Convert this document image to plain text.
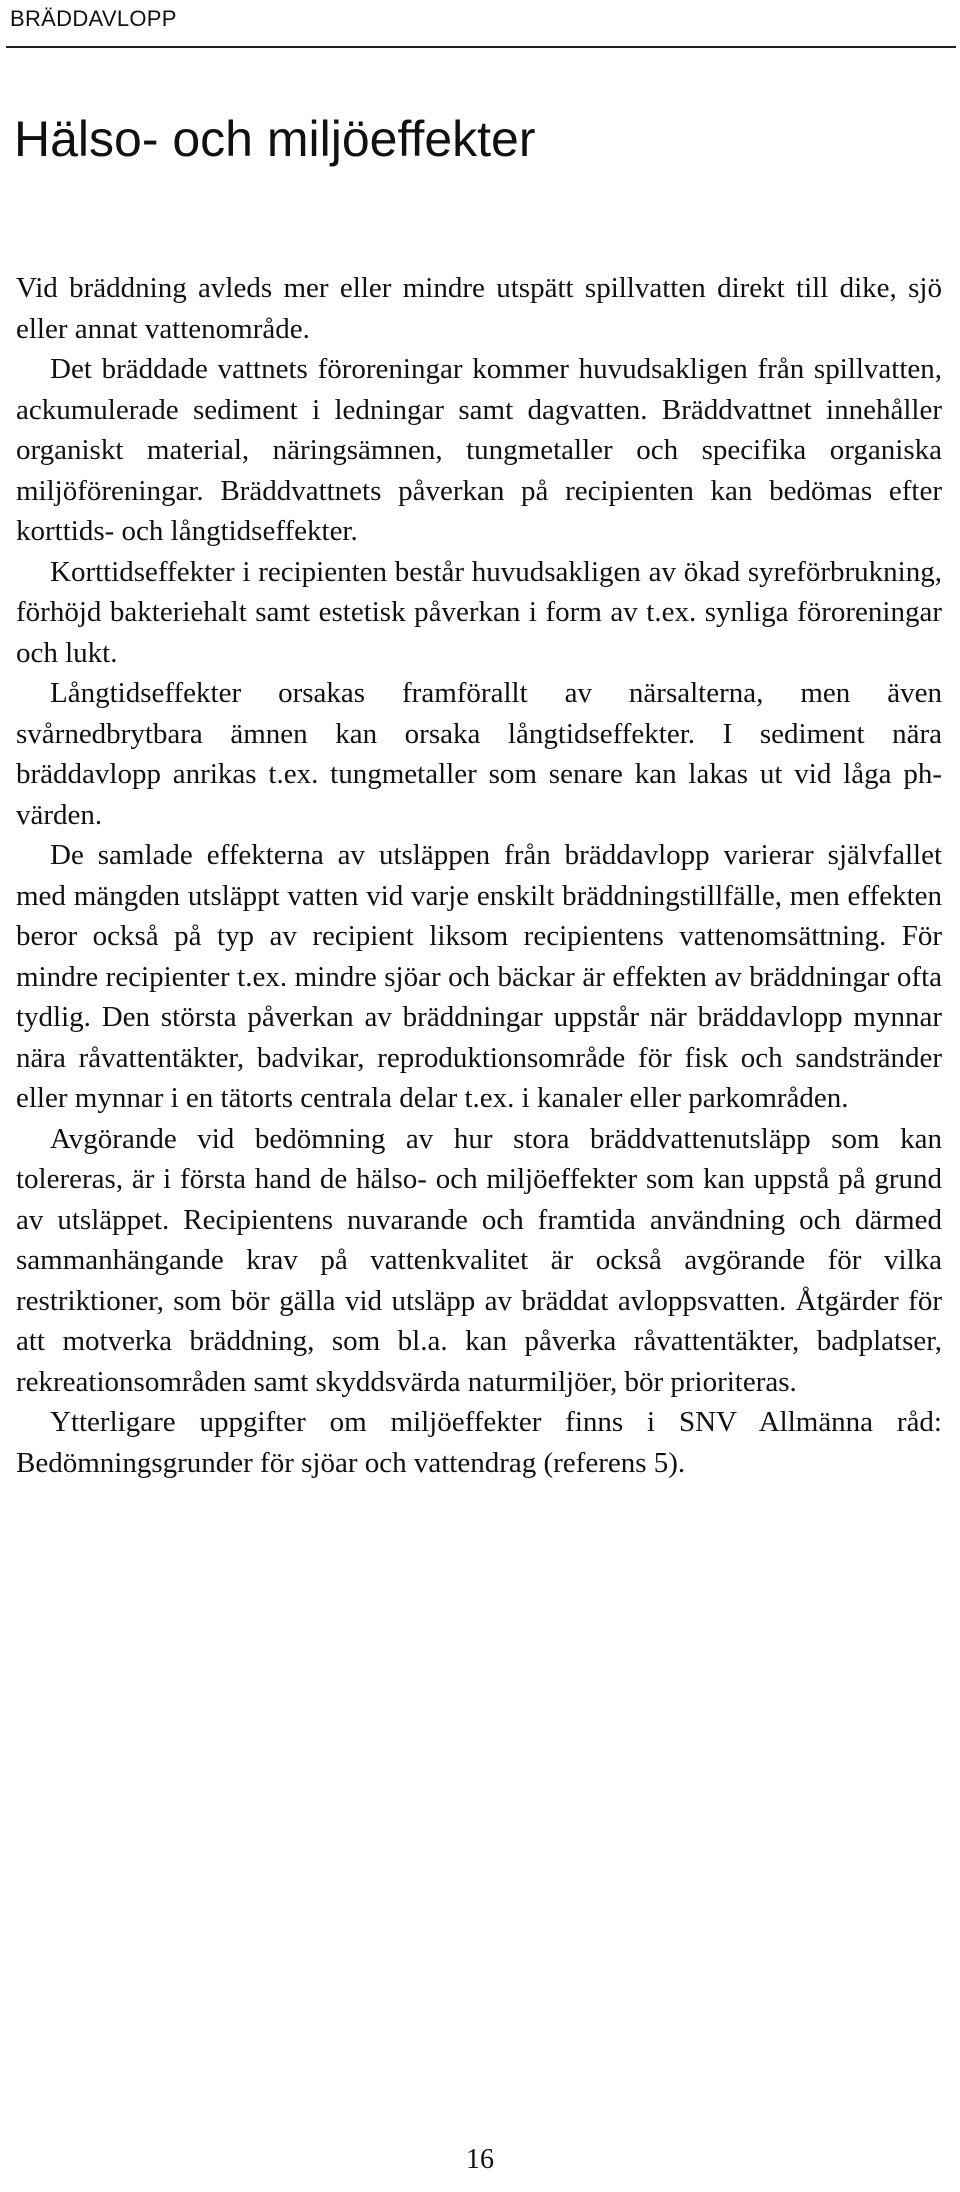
BRÄDDAVLOPP
Hälso- och miljöeffekter

Vid bräddning avleds mer eller mindre utspätt spillvatten direkt till dike, sjö eller annat vattenområde.

Det bräddade vattnets föroreningar kommer huvudsakligen från spillvatten, ackumulerade sediment i ledningar samt dagvatten. Bräddvattnet innehåller organiskt material, näringsämnen, tungmetaller och specifika organiska miljöföreningar. Bräddvattnets påverkan på recipienten kan bedömas efter korttids- och långtidseffekter.

Korttidseffekter i recipienten består huvudsakligen av ökad syreförbrukning, förhöjd bakteriehalt samt estetisk påverkan i form av t.ex. synliga föroreningar och lukt.

Långtidseffekter orsakas framförallt av närsalterna, men även svårnedbrytbara ämnen kan orsaka långtidseffekter. I sediment nära bräddavlopp anrikas t.ex. tungmetaller som senare kan lakas ut vid låga ph-värden.

De samlade effekterna av utsläppen från bräddavlopp varierar självfallet med mängden utsläppt vatten vid varje enskilt bräddningstillfälle, men effekten beror också på typ av recipient liksom recipientens vattenomsättning. För mindre recipienter t.ex. mindre sjöar och bäckar är effekten av bräddningar ofta tydlig. Den största påverkan av bräddningar uppstår när bräddavlopp mynnar nära råvattentäkter, badvikar, reproduktionsområde för fisk och sandstränder eller mynnar i en tätorts centrala delar t.ex. i kanaler eller parkområden.

Avgörande vid bedömning av hur stora bräddvattenutsläpp som kan tolereras, är i första hand de hälso- och miljöeffekter som kan uppstå på grund av utsläppet. Recipientens nuvarande och framtida användning och därmed sammanhängande krav på vattenkvalitet är också avgörande för vilka restriktioner, som bör gälla vid utsläpp av bräddat avloppsvatten. Åtgärder för att motverka bräddning, som bl.a. kan påverka råvattentäkter, badplatser, rekreationsområden samt skyddsvärda naturmiljöer, bör prioriteras.

Ytterligare uppgifter om miljöeffekter finns i SNV Allmänna råd: Bedömningsgrunder för sjöar och vattendrag (referens 5).

16
